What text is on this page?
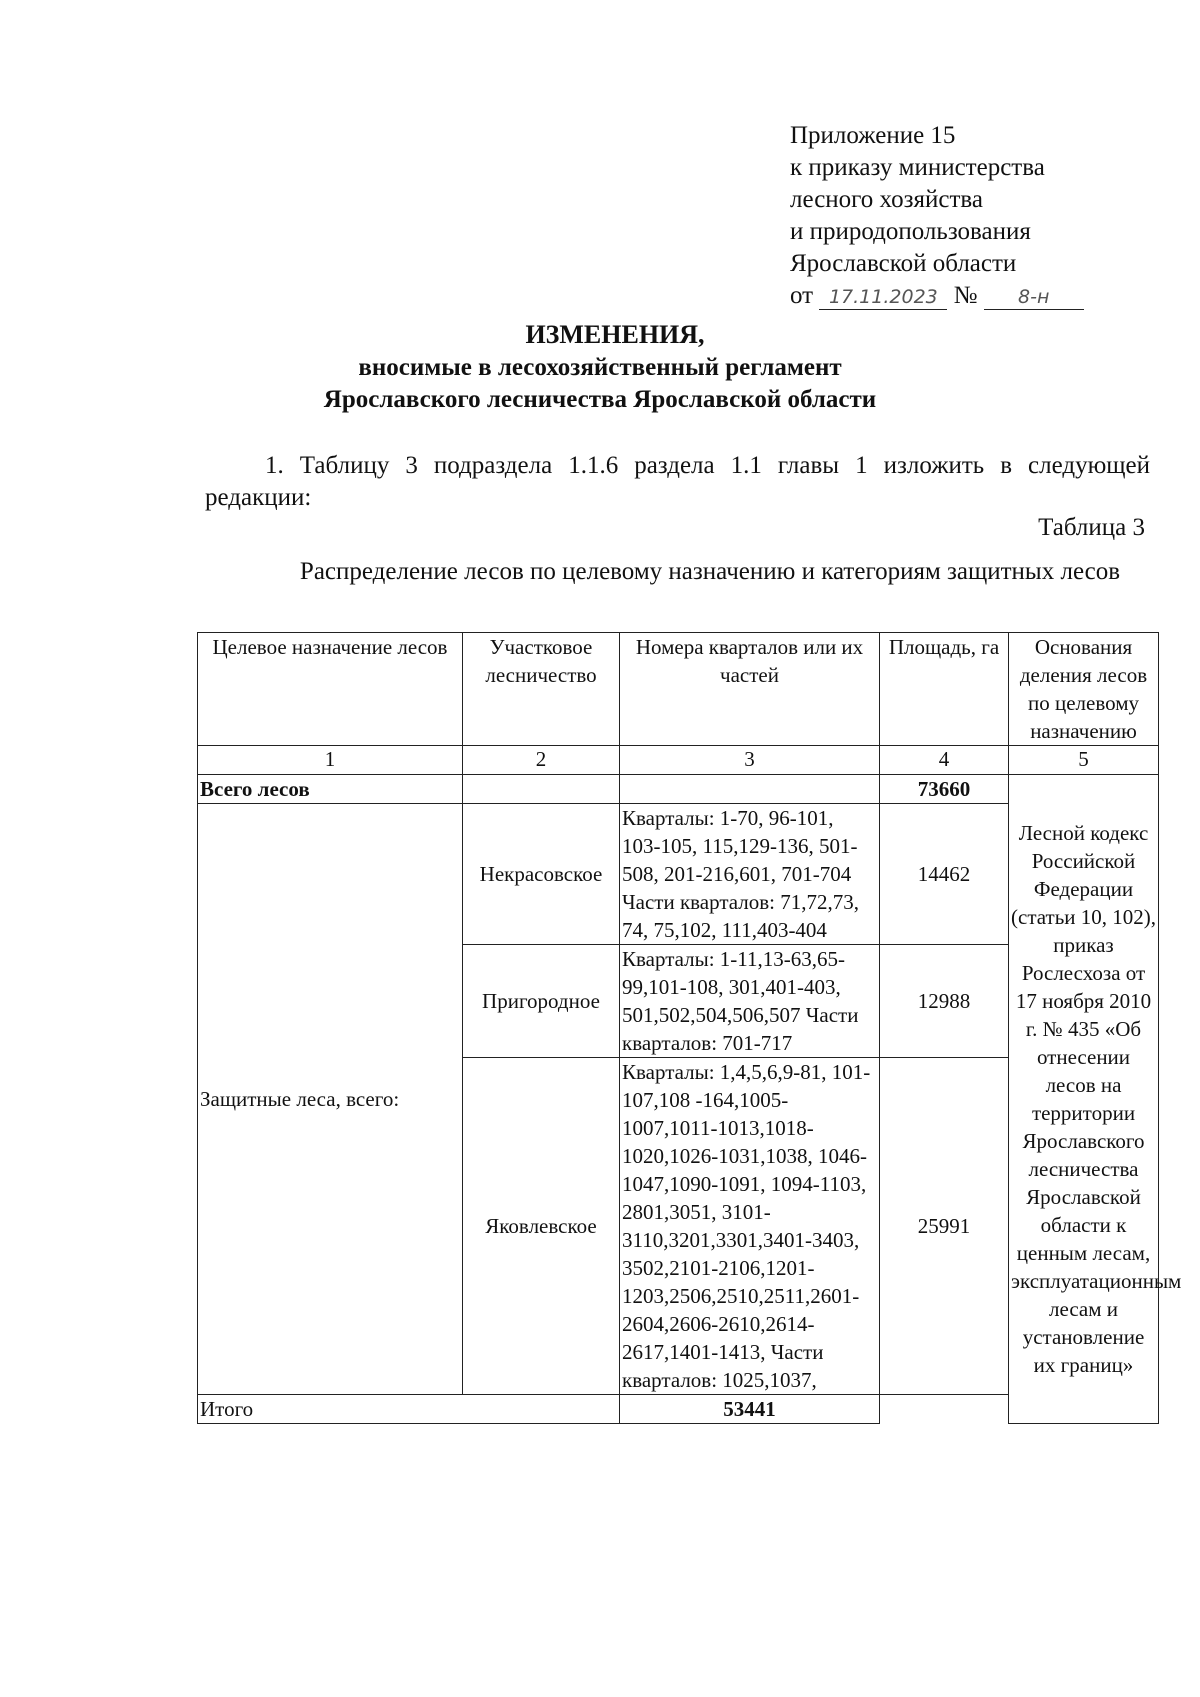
Приложение 15
к приказу министерства
лесного хозяйства
и природопользования
Ярославской области
от 17.11.2023 № 8-н
ИЗМЕНЕНИЯ,
вносимые в лесохозяйственный регламент
Ярославского лесничества Ярославской области
1. Таблицу 3 подраздела 1.1.6 раздела 1.1 главы 1 изложить в следующей редакции:
Таблица 3
Распределение лесов по целевому назначению и категориям защитных лесов
Целевое назначение лесов	Участковое лесничество	Номера кварталов или их частей	Площадь, га	Основания деления лесов по целевому назначению
1	2	3	4	5
Всего лесов			73660	Лесной кодекс Российской Федерации (статьи 10, 102), приказ Рослесхоза от 17 ноября 2010 г. № 435 «Об отнесении лесов на территории Ярославского лесничества Ярославской области к ценным лесам, эксплуатационным лесам и установление их границ»
Защитные леса, всего:	Некрасовское	Кварталы: 1-70, 96-101, 103-105, 115,129-136, 501-508, 201-216,601, 701-704 Части кварталов: 71,72,73, 74, 75,102, 111,403-404	14462	
	Пригородное	Кварталы: 1-11,13-63,65-99,101-108, 301,401-403, 501,502,504,506,507 Части кварталов: 701-717	12988	
	Яковлевское	Кварталы: 1,4,5,6,9-81, 101-107,108 -164,1005-1007,1011-1013,1018-1020,1026-1031,1038, 1046-1047,1090-1091, 1094-1103, 2801,3051, 3101-3110,3201,3301,3401-3403, 3502,2101-2106,1201-1203,2506,2510,2511,2601-2604,2606-2610,2614-2617,1401-1413, Части кварталов: 1025,1037,	25991	
Итого		53441		
